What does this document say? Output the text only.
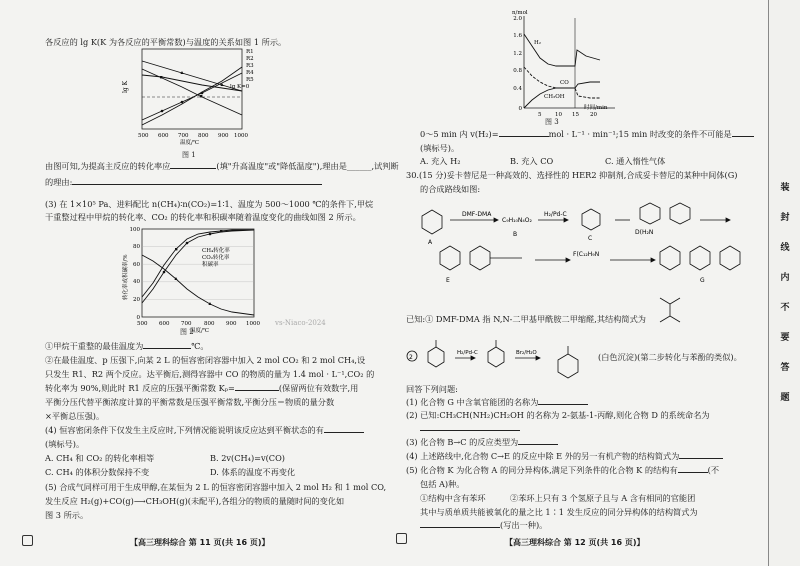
各反应的 lg K(K 为各反应的平衡常数)与温度的关系如图 1 所示。
lg K
500 600 700 800 900 1000
温度/℃
R1
R2
R3
R4
R5
lg K=0
图 1
由图可知,为提高主反应的转化率应	(填"升高温度"或"降低温度"),理由是______,试判断
的理由:
(3) 在 1×10⁵ Pa、进料配比 n(CH₄)∶n(CO₂)=1∶1、温度为 500～1000 ℃的条件下,甲烷
干重整过程中甲烷的转化率、CO₂ 的转化率和积碳率随着温度变化的曲线如图 2 所示。
转化率或积碳率/%
0
20
40
60
80
100
500 600 700 800 900 1000
温度/℃
CH₄转化率
CO₂转化率
积碳率
图 2
vs-Niaco-2024
①甲烷干重整的最佳温度为	℃。
②在最佳温度、p 压强下,向某 2 L 的恒容密闭容器中加入 2 mol CO₂ 和 2 mol CH₄,设
只发生 R1、R2 两个反应。达平衡后,测得容器中 CO 的物质的量为 1.4 mol · L⁻¹,CO₂ 的
转化率为 90%,则此时 R1 反应的压强平衡常数 Kₚ=	(保留两位有效数字,用
平衡分压代替平衡浓度计算的平衡常数是压强平衡常数,平衡分压＝物质的量分数
×平衡总压强)。
(4) 恒容密闭条件下仅发生主反应时,下列情况能说明该反应达到平衡状态的有
(填标号)。
A. CH₄ 和 CO₂ 的转化率相等	B. 2v(CH₄)=v(CO)
C. CH₄ 的体积分数保持不变	D. 体系的温度不再变化
(5) 合成气同样可用于生成甲醇,在某恒为 2 L 的恒容密闭容器中加入 2 mol H₂ 和 1 mol CO,
发生反应 H₂(g)+CO(g)⟶CH₃OH(g)(未配平),各组分的物质的量随时间的变化如
图 3 所示。
【高三理科综合 第 11 页(共 16 页)】
2.0
1.6
1.2
0.8
0.4
0
n/mol
5 10 15 20
时间/min
H₂
CO
CH₃OH
图 3
0～5 min 内 v(H₂)=	mol · L⁻¹ · min⁻¹;15 min 时改变的条件不可能是
(填标号)。
A. 充入 H₂	B. 充入 CO	C. 通入惰性气体
30.(15 分)妥卡替尼是一种高效的、选择性的 HER2 抑制剂,合成妥卡替尼的某种中间体(G)
的合成路线如图:
A
DMF-DMA
C₉H₁₀N₄O₂
B
H₂/Pd-C
C
D(H₂N
E
F(C₁₂H₉N
G
已知:① DMF-DMA 指 N,N-二甲基甲酰胺二甲缩醛,其结构简式为
2
H₂/Pd-C	Br₂/H₂O	(白色沉淀)(第二步转化与苯酚的类似)。
回答下列问题:
(1) 化合物 G 中含氧官能团的名称为
(2) 已知:CH₃CH(NH₂)CH₂OH 的名称为 2-氨基-1-丙醇,则化合物 D 的系统命名为
(3) 化合物 B→C 的反应类型为
(4) 上述路线中,化合物 C→E 的反应中除 E 外的另一有机产物的结构简式为
(5) 化合物 K 为化合物 A 的同分异构体,满足下列条件的化合物 K 的结构有	(不
包括 A)种。
①结构中含有苯环	②苯环上只有 3 个氢原子且与 A 含有相同的官能团
其中与质单质共能被氧化的量之比 1∶1 发生反应的同分异构体的结构简式为
(写出一种)。
【高三理科综合 第 12 页(共 16 页)】
装
封
线
内
不
要
答
题
